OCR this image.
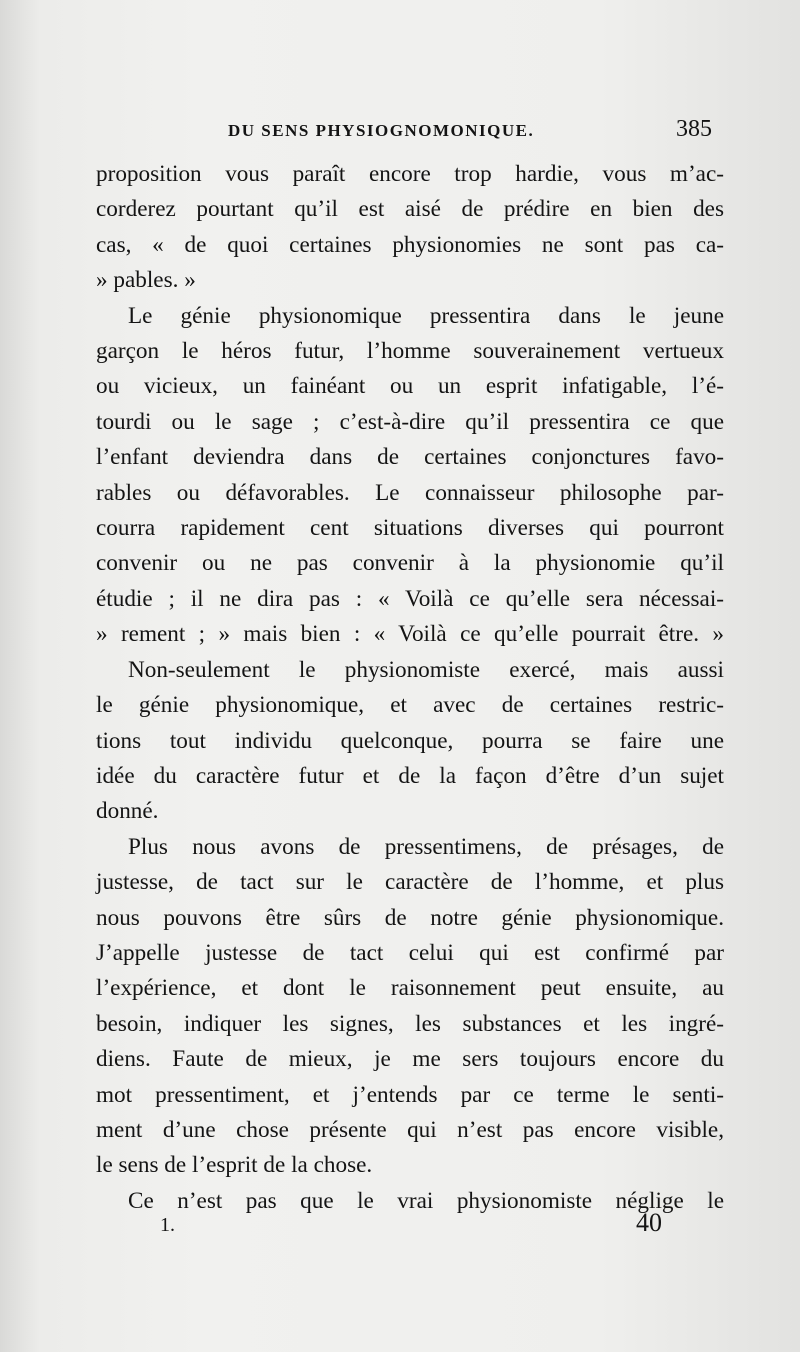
DU SENS PHYSIOGNOMONIQUE.	385
proposition vous paraît encore trop hardie, vous m’ac-
corderez pourtant qu’il est aisé de prédire en bien des
cas, « de quoi certaines physionomies ne sont pas ca-
» pables. »
Le génie physionomique pressentira dans le jeune
garçon le héros futur, l’homme souverainement vertueux
ou vicieux, un fainéant ou un esprit infatigable, l’é-
tourdi ou le sage ; c’est-à-dire qu’il pressentira ce que
l’enfant deviendra dans de certaines conjonctures favo-
rables ou défavorables. Le connaisseur philosophe par-
courra rapidement cent situations diverses qui pourront
convenir ou ne pas convenir à la physionomie qu’il
étudie ; il ne dira pas : « Voilà ce qu’elle sera nécessai-
» rement ; » mais bien : « Voilà ce qu’elle pourrait être. »
Non-seulement le physionomiste exercé, mais aussi
le génie physionomique, et avec de certaines restric-
tions tout individu quelconque, pourra se faire une
idée du caractère futur et de la façon d’être d’un sujet
donné.
Plus nous avons de pressentimens, de présages, de
justesse, de tact sur le caractère de l’homme, et plus
nous pouvons être sûrs de notre génie physionomique.
J’appelle justesse de tact celui qui est confirmé par
l’expérience, et dont le raisonnement peut ensuite, au
besoin, indiquer les signes, les substances et les ingré-
diens. Faute de mieux, je me sers toujours encore du
mot pressentiment, et j’entends par ce terme le senti-
ment d’une chose présente qui n’est pas encore visible,
le sens de l’esprit de la chose.
Ce n’est pas que le vrai physionomiste néglige le
1.	40
